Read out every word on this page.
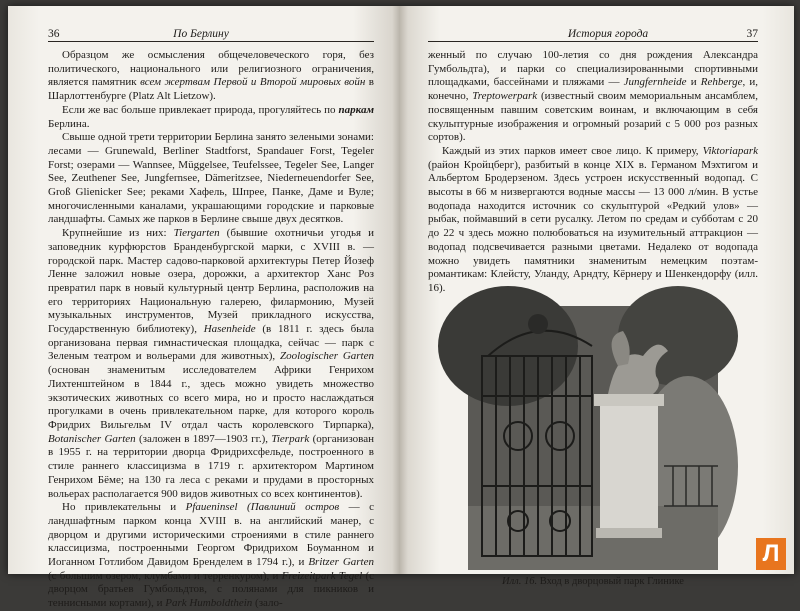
36	По Берлину

Образцом же осмысления общечеловеческого горя, без политического, национального или религиозного ограничения, является памятник всем жертвам Первой и Второй мировых войн в Шарлоттенбурге (Platz Alt Lietzow).

Если же вас больше привлекает природа, прогуляйтесь по паркам Берлина.

Свыше одной трети территории Берлина занято зелеными зонами: лесами — Grunewald, Berliner Stadtforst, Spandauer Forst, Tegeler Forst; озерами — Wannsee, Müggelsee, Teufelssee, Tegeler See, Langer See, Zeuthener See, Jungfernsee, Dämeritzsee, Niederneuendorfer See, Groß Glienicker See; реками Хафель, Шпрее, Панке, Даме и Вуле; многочисленными каналами, украшающими городские и парковые ландшафты. Самых же парков в Берлине свыше двух десятков.

Крупнейшие из них: Tiergarten (бывшие охотничьи угодья и заповедник курфюрстов Бранденбургской марки, с XVIII в. — городской парк. Мастер садово-парковой архитектуры Петер Йозеф Ленне заложил новые озера, дорожки, а архитектор Ханс Роз превратил парк в новый культурный центр Берлина, расположив на его территориях Национальную галерею, филармонию, Музей музыкальных инструментов, Музей прикладного искусства, Государственную библиотеку), Hasenheide (в 1811 г. здесь была организована первая гимнастическая площадка, сейчас — парк с Зеленым театром и вольерами для животных), Zoologischer Garten (основан знаменитым исследователем Африки Генрихом Лихтенштейном в 1844 г., здесь можно увидеть множество экзотических животных со всего мира, но и просто наслаждаться прогулками в очень привлекательном парке, для которого король Фридрих Вильгельм IV отдал часть королевского Тирпарка), Botanischer Garten (заложен в 1897—1903 гг.), Tierpark (организован в 1955 г. на территории дворца Фридрихсфельде, построенного в стиле раннего классицизма в 1719 г. архитектором Мартином Генрихом Бёме; на 130 га леса с реками и прудами в просторных вольерах располагается 900 видов животных со всех континентов).

Но привлекательны и Pfaueninsel (Павлиний остров — с ландшафтным парком конца XVIII в. на английский манер, с дворцом и другими историческими строениями в стиле раннего классицизма, построенными Георгом Фридрихом Боуманном и Иоганном Готлибом Давидом Бренделем в 1794 г.), и Britzer Garten (с большим озером, клумбами и терренкуром), и Freizeitpark Tegel (с дворцом братьев Гумбольдтов, с полянами для пикников и теннисными кортами), и Park Humboldthein (зало-

История города	37

женный по случаю 100-летия со дня рождения Александра Гумбольдта), и парки со специализированными спортивными площадками, бассейнами и пляжами — Jungfernheide и Rehberge, и, конечно, Treptowerpark (известный своим мемориальным ансамблем, посвященным павшим советским воинам, и включающим в себя скульптурные изображения и огромный розарий с 5 000 роз разных сортов).

Каждый из этих парков имеет свое лицо. К примеру, Viktoriapark (район Кройцберг), разбитый в конце XIX в. Германом Мэхтигом и Альбертом Бродерзеном. Здесь устроен искусственный водопад. С высоты в 66 м низвергаются водные массы — 13 000 л/мин. В устье водопада находится источник со скульптурой «Редкий улов» — рыбак, поймавший в сети русалку. Летом по средам и субботам с 20 до 22 ч здесь можно полюбоваться на изумительный аттракцион — водопад подсвечивается разными цветами. Недалеко от водопада можно увидеть памятники знаменитым немецким поэтам-романтикам: Клейсту, Уланду, Арндту, Кёрнеру и Шенкендорфу (илл. 16).

Илл. 16. Вход в дворцовый парк Глинике
Л
